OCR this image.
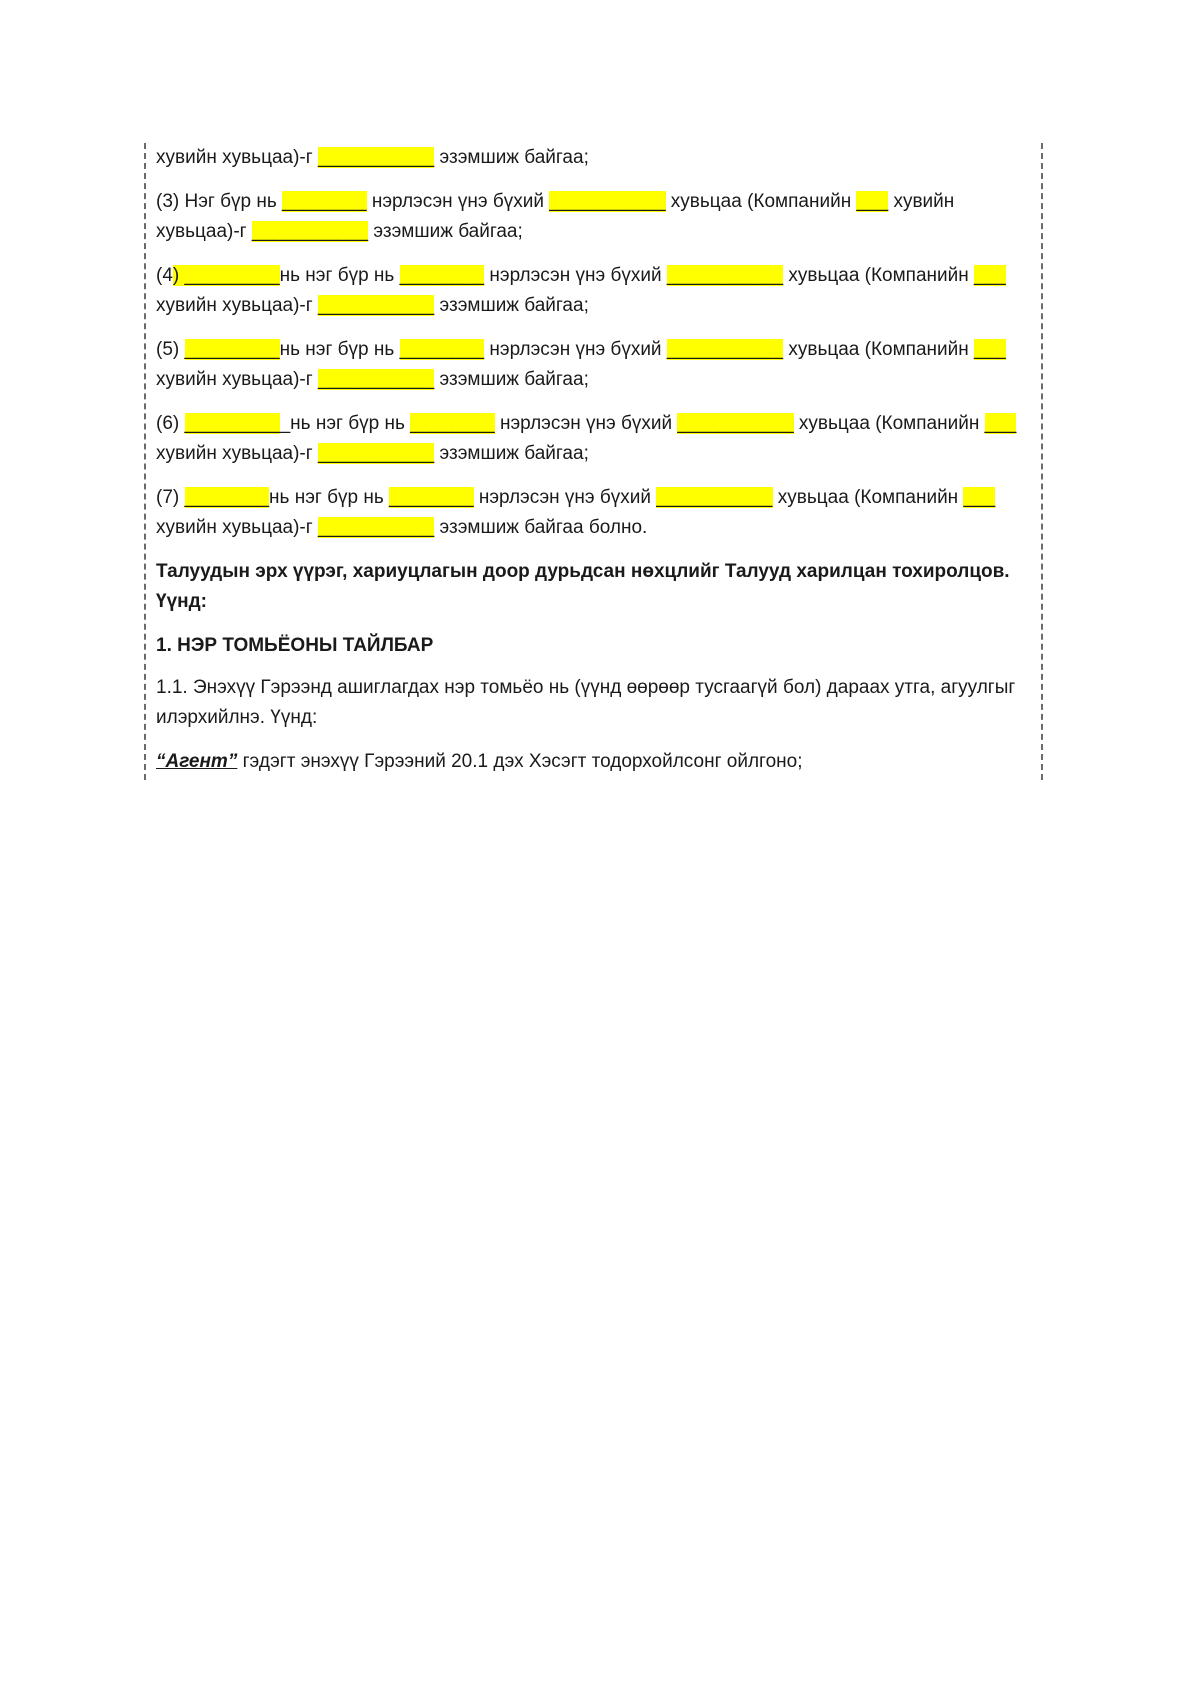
хувийн хувьцаа)-г ___________ эзэмшиж байгаа;

(3) Нэг бүр нь ________ нэрлэсэн үнэ бүхий ___________ хувьцаа (Компанийн ___ хувийн хувьцаа)-г ___________ эзэмшиж байгаа;

(4) _________нь нэг бүр нь ________ нэрлэсэн үнэ бүхий ___________ хувьцаа (Компанийн ___ хувийн хувьцаа)-г ___________ эзэмшиж байгаа;

(5) _________нь нэг бүр нь ________ нэрлэсэн үнэ бүхий ___________ хувьцаа (Компанийн ___ хувийн хувьцаа)-г ___________ эзэмшиж байгаа;

(6) __________нь нэг бүр нь ________ нэрлэсэн үнэ бүхий ___________ хувьцаа (Компанийн ___ хувийн хувьцаа)-г ___________ эзэмшиж байгаа;

(7) ________нь нэг бүр нь ________ нэрлэсэн үнэ бүхий ___________ хувьцаа (Компанийн ___ хувийн хувьцаа)-г ___________ эзэмшиж байгаа болно.

Талуудын эрх үүрэг, хариуцлагын доор дурьдсан нөхцлийг Талууд харилцан тохиролцов. Үүнд:

1. НЭР ТОМЬЁОНЫ ТАЙЛБАР

1.1. Энэхүү Гэрээнд ашиглагдах нэр томьёо нь (үүнд өөрөөр тусгаагүй бол) дараах утга, агуулгыг илэрхийлнэ. Үүнд:

“Агент” гэдэгт энэхүү Гэрээний 20.1 дэх Хэсэгт тодорхойлсонг ойлгоно;
